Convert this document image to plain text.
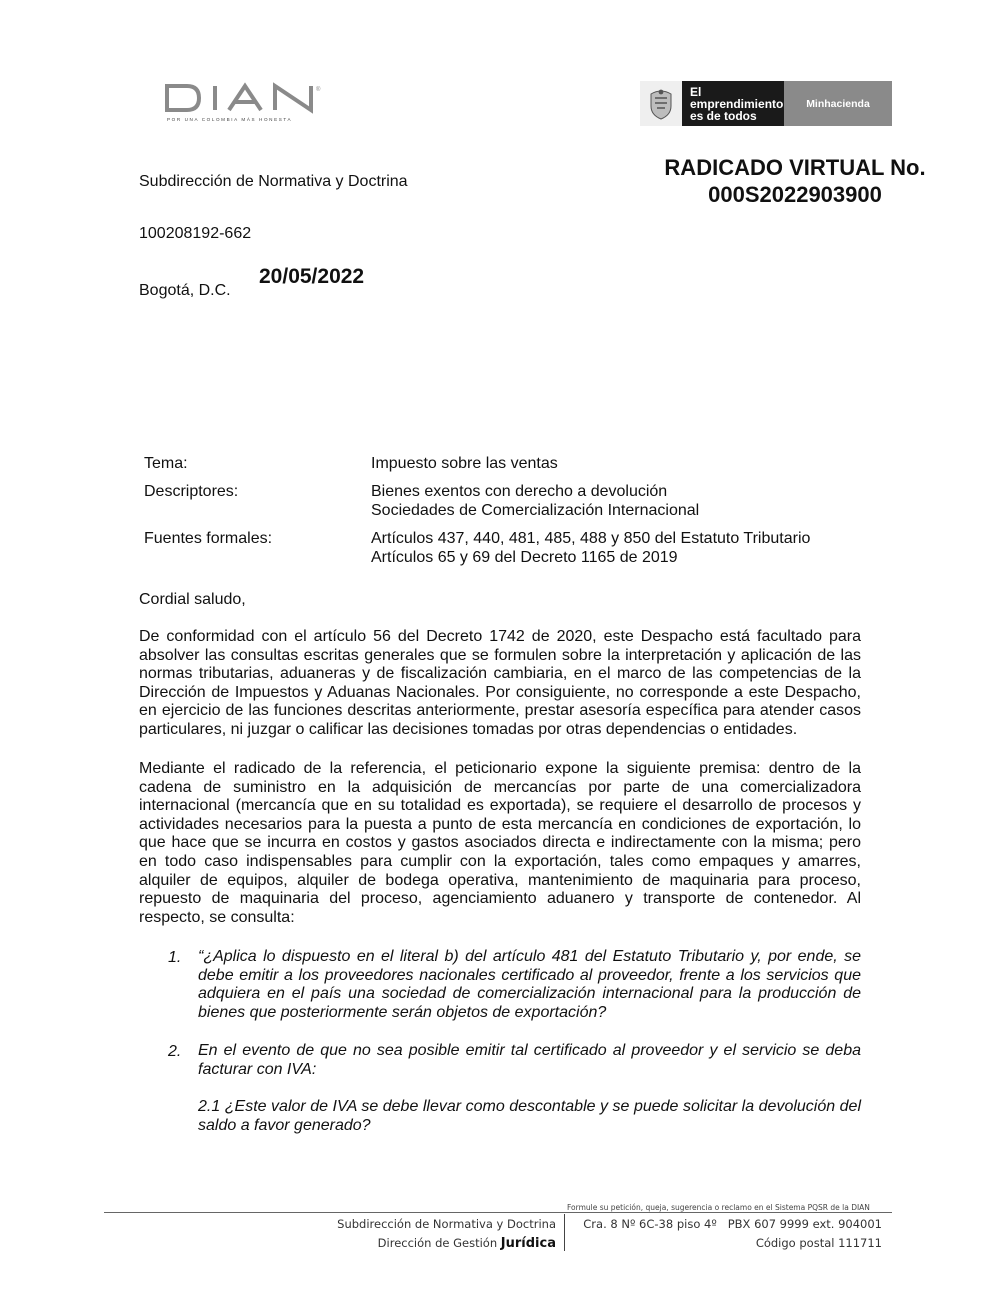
®
POR UNA COLOMBIA MÁS HONESTA
El emprendimiento
es de todos
Minhacienda
Subdirección de Normativa y Doctrina
100208192-662
Bogotá, D.C.
20/05/2022
RADICADO VIRTUAL No.
000S2022903900
Tema:	Impuesto sobre las ventas
Descriptores:	Bienes exentos con derecho a devolución
Sociedades de Comercialización Internacional

Fuentes formales:	Artículos 437, 440, 481, 485, 488 y 850 del Estatuto Tributario
Artículos 65 y 69 del Decreto 1165 de 2019
Cordial saludo,

De conformidad con el artículo 56 del Decreto 1742 de 2020, este Despacho está facultado para absolver las consultas escritas generales que se formulen sobre la interpretación y aplicación de las normas tributarias, aduaneras y de fiscalización cambiaria, en el marco de las competencias de la Dirección de Impuestos y Aduanas Nacionales. Por consiguiente, no corresponde a este Despacho, en ejercicio de las funciones descritas anteriormente, prestar asesoría específica para atender casos particulares, ni juzgar o calificar las decisiones tomadas por otras dependencias o entidades.

Mediante el radicado de la referencia, el peticionario expone la siguiente premisa: dentro de la cadena de suministro en la adquisición de mercancías por parte de una comercializadora internacional (mercancía que en su totalidad es exportada), se requiere el desarrollo de procesos y actividades necesarios para la puesta a punto de esta mercancía en condiciones de exportación, lo que hace que se incurra en costos y gastos asociados directa e indirectamente con la misma; pero en todo caso indispensables para cumplir con la exportación, tales como empaques y amarres, alquiler de equipos, alquiler de bodega operativa, mantenimiento de maquinaria para proceso, repuesto de maquinaria del proceso, agenciamiento aduanero y transporte de contenedor. Al respecto, se consulta:

1. “¿Aplica lo dispuesto en el literal b) del artículo 481 del Estatuto Tributario y, por ende, se debe emitir a los proveedores nacionales certificado al proveedor, frente a los servicios que adquiera en el país una sociedad de comercialización internacional para la producción de bienes que posteriormente serán objetos de exportación?

2. En el evento de que no sea posible emitir tal certificado al proveedor y el servicio se deba facturar con IVA:

2.1 ¿Este valor de IVA se debe llevar como descontable y se puede solicitar la devolución del saldo a favor generado?

Formule su petición, queja, sugerencia o reclamo en el Sistema PQSR de la DIAN
Subdirección de Normativa y Doctrina
Dirección de Gestión Jurídica
Cra. 8 Nº 6C-38 piso 4º   PBX 607 9999 ext. 904001
Código postal 111711
